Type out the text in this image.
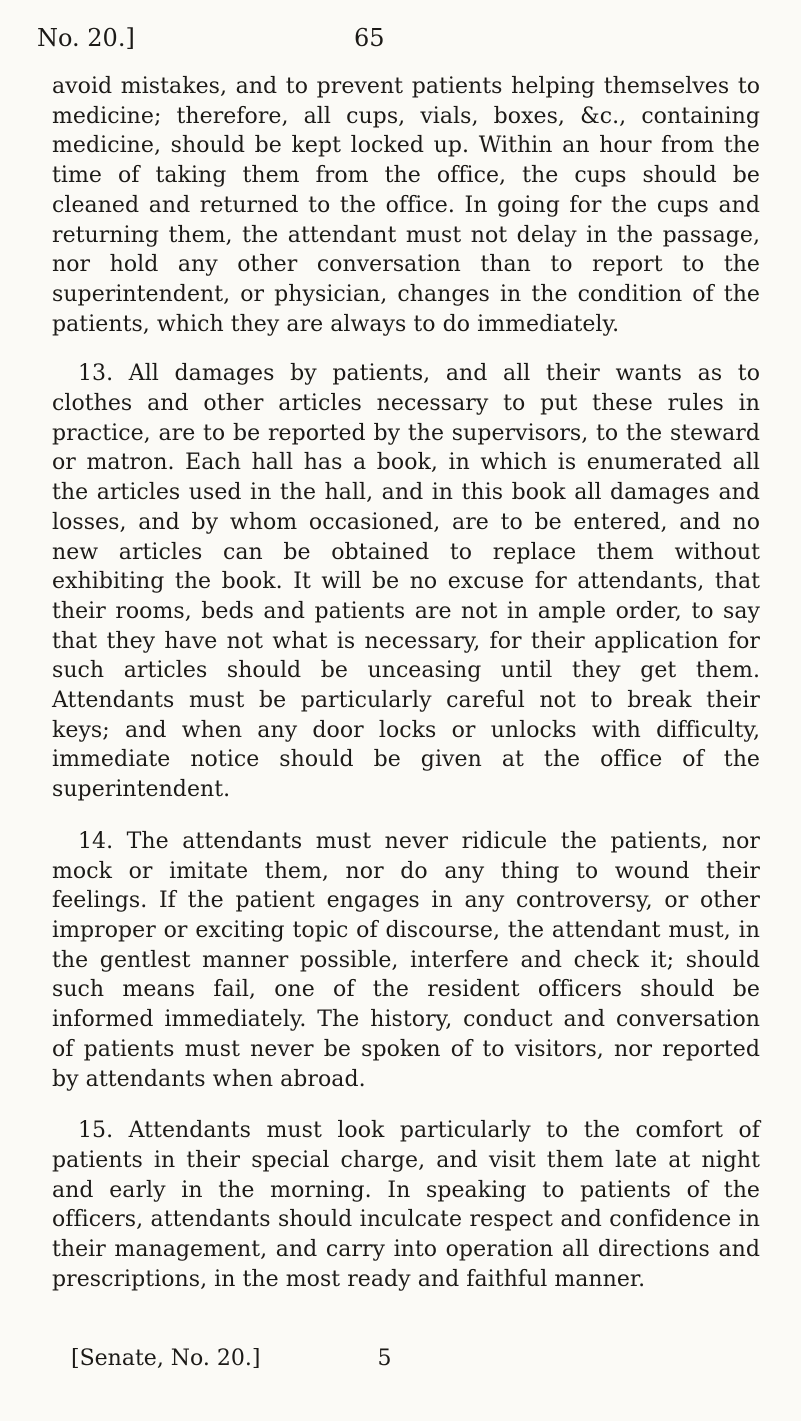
No. 20.]	65

avoid mistakes, and to prevent patients helping themselves to medicine; therefore, all cups, vials, boxes, &c., containing medicine, should be kept locked up. Within an hour from the time of taking them from the office, the cups should be cleaned and returned to the office. In going for the cups and returning them, the attendant must not delay in the passage, nor hold any other conversation than to report to the superintendent, or physician, changes in the condition of the patients, which they are always to do immediately.

13. All damages by patients, and all their wants as to clothes and other articles necessary to put these rules in practice, are to be reported by the supervisors, to the steward or matron. Each hall has a book, in which is enumerated all the articles used in the hall, and in this book all damages and losses, and by whom occasioned, are to be entered, and no new articles can be obtained to replace them without exhibiting the book. It will be no excuse for attendants, that their rooms, beds and patients are not in ample order, to say that they have not what is necessary, for their application for such articles should be unceasing until they get them. Attendants must be particularly careful not to break their keys; and when any door locks or unlocks with difficulty, immediate notice should be given at the office of the superintendent.

14. The attendants must never ridicule the patients, nor mock or imitate them, nor do any thing to wound their feelings. If the patient engages in any controversy, or other improper or exciting topic of discourse, the attendant must, in the gentlest manner possible, interfere and check it; should such means fail, one of the resident officers should be informed immediately. The history, conduct and conversation of patients must never be spoken of to visitors, nor reported by attendants when abroad.

15. Attendants must look particularly to the comfort of patients in their special charge, and visit them late at night and early in the morning. In speaking to patients of the officers, attendants should inculcate respect and confidence in their management, and carry into operation all directions and prescriptions, in the most ready and faithful manner.

[Senate, No. 20.]	5
